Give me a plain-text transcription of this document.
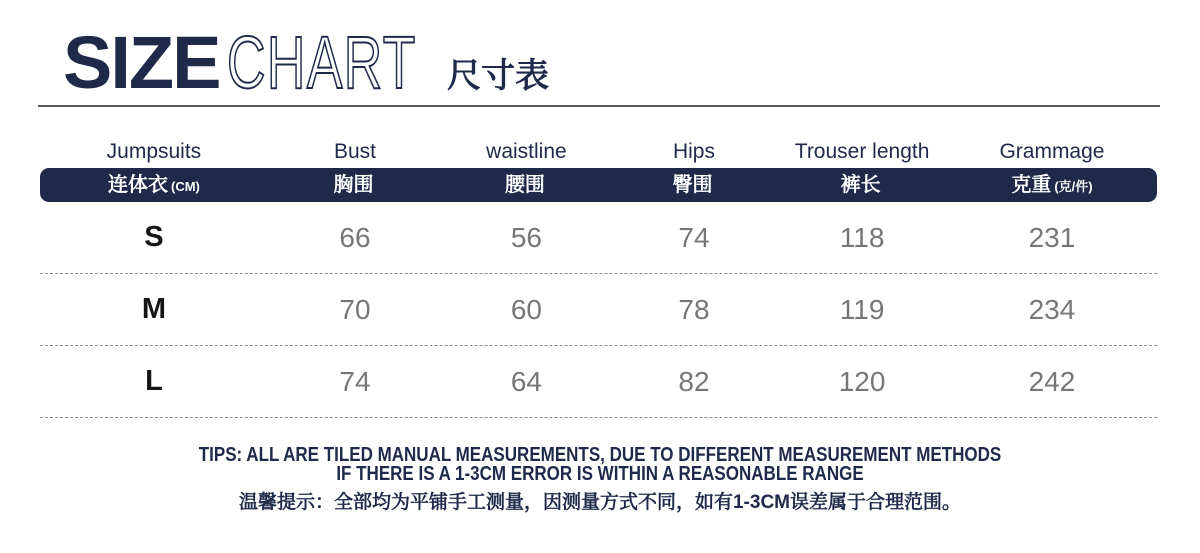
SIZE CHART 尺寸表
Jumpsuits	Bust	waistline	Hips	Trouser length	Grammage
连体衣 (CM)	胸围	腰围	臀围	裤长	克重 (克/件)
S	66	56	74	118	231
M	70	60	78	119	234
L	74	64	82	120	242
TIPS: ALL ARE TILED MANUAL MEASUREMENTS, DUE TO DIFFERENT MEASUREMENT METHODS
IF THERE IS A 1-3CM ERROR IS WITHIN A REASONABLE RANGE
温馨提示：全部均为平铺手工测量，因测量方式不同，如有1-3CM误差属于合理范围。
